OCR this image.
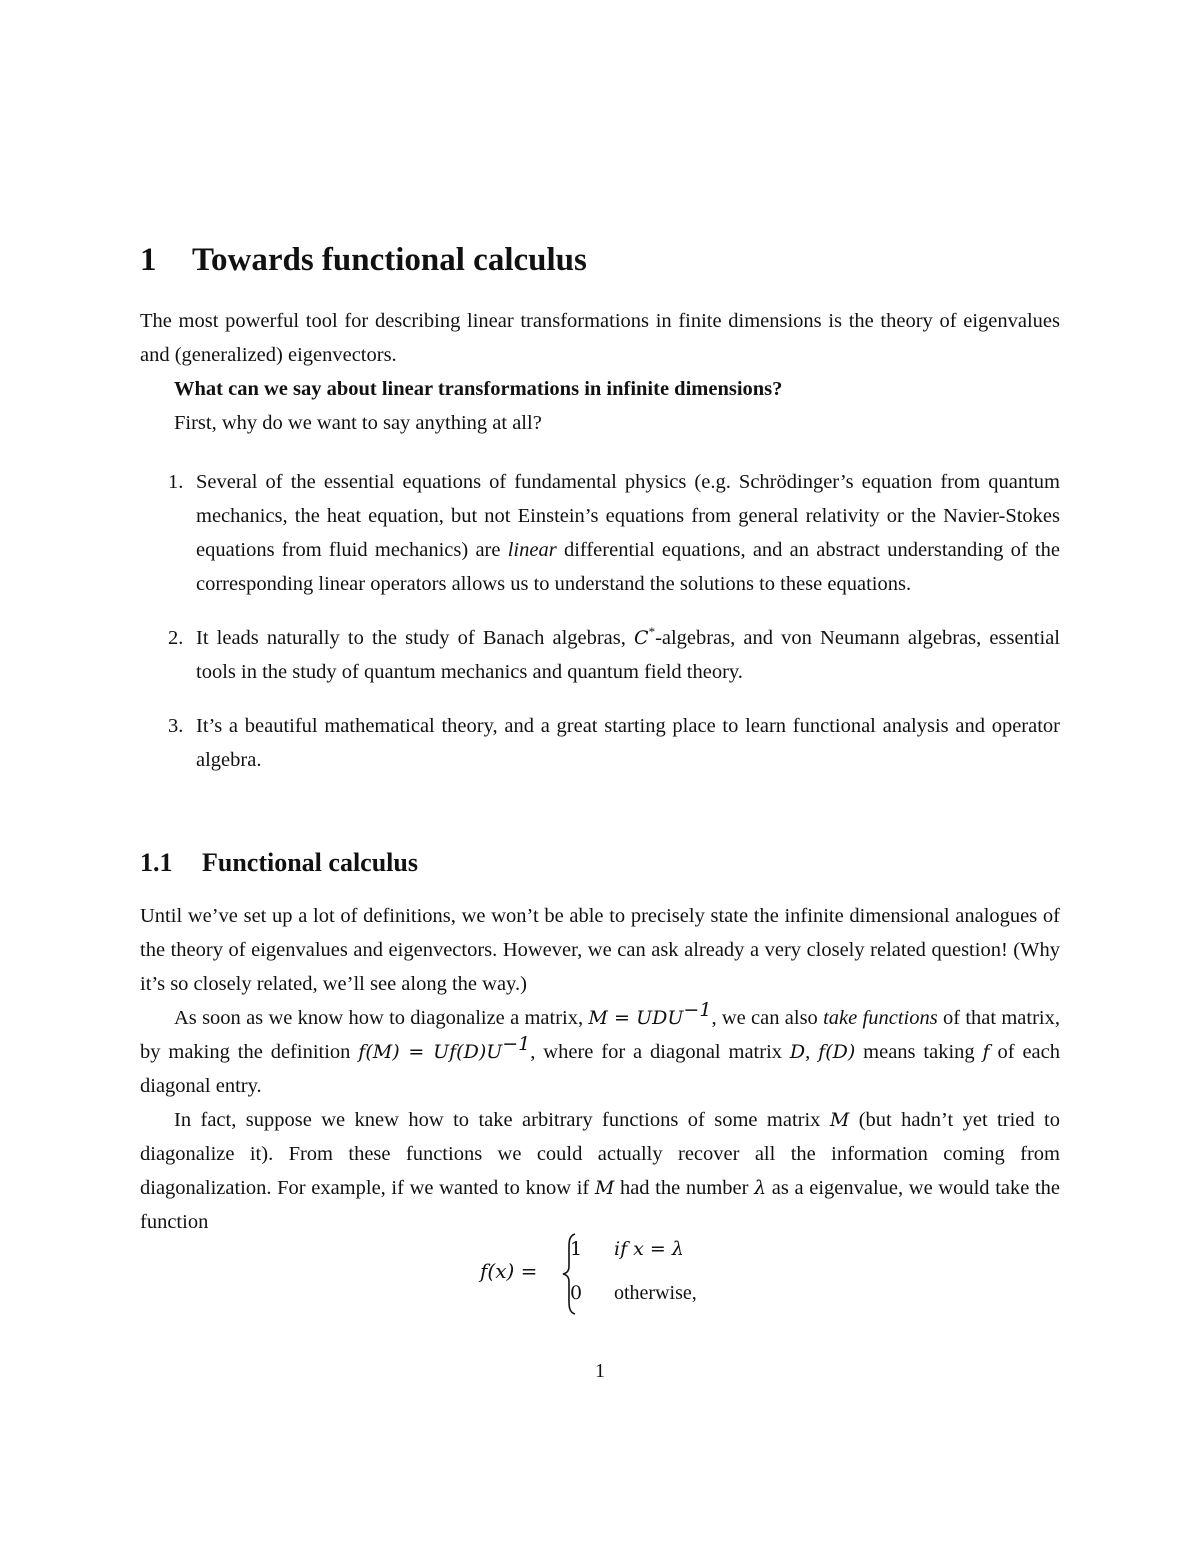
1 Towards functional calculus

The most powerful tool for describing linear transformations in finite dimensions is the theory of eigenvalues and (generalized) eigenvectors.

What can we say about linear transformations in infinite dimensions?

First, why do we want to say anything at all?

1. Several of the essential equations of fundamental physics (e.g. Schrödinger’s equation from quantum mechanics, the heat equation, but not Einstein’s equations from general relativity or the Navier-Stokes equations from fluid mechanics) are linear differential equations, and an abstract understanding of the corresponding linear operators allows us to understand the solutions to these equations.

2. It leads naturally to the study of Banach algebras, C*-algebras, and von Neumann algebras, essential tools in the study of quantum mechanics and quantum field theory.

3. It’s a beautiful mathematical theory, and a great starting place to learn functional analysis and operator algebra.

1.1 Functional calculus

Until we’ve set up a lot of definitions, we won’t be able to precisely state the infinite dimensional analogues of the theory of eigenvalues and eigenvectors. However, we can ask already a very closely related question! (Why it’s so closely related, we’ll see along the way.)

As soon as we know how to diagonalize a matrix, $M = UDU^{-1}$, we can also take functions of that matrix, by making the definition $f(M) = Uf(D)U^{-1}$, where for a diagonal matrix D, f(D) means taking f of each diagonal entry.

In fact, suppose we knew how to take arbitrary functions of some matrix M (but hadn’t yet tried to diagonalize it). From these functions we could actually recover all the information coming from diagonalization. For example, if we wanted to know if M had the number λ as a eigenvalue, we would take the function

f(x) =
1 if x = λ
0 otherwise,
1
